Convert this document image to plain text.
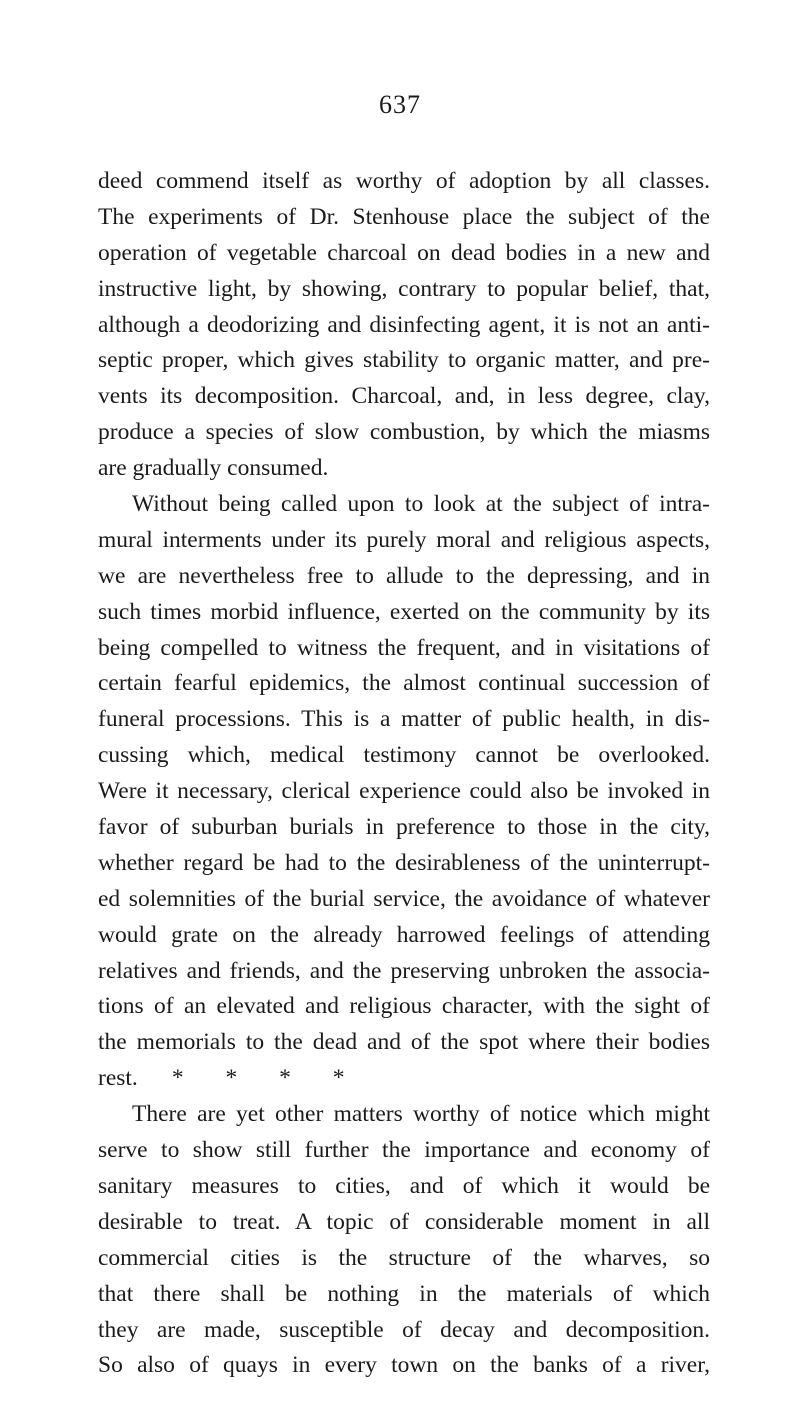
637
deed commend itself as worthy of adoption by all classes.
The experiments of Dr. Stenhouse place the subject of the
operation of vegetable charcoal on dead bodies in a new and
instructive light, by showing, contrary to popular belief, that,
although a deodorizing and disinfecting agent, it is not an anti-
septic proper, which gives stability to organic matter, and pre-
vents its decomposition. Charcoal, and, in less degree, clay,
produce a species of slow combustion, by which the miasms
are gradually consumed.
Without being called upon to look at the subject of intra-
mural interments under its purely moral and religious aspects,
we are nevertheless free to allude to the depressing, and in
such times morbid influence, exerted on the community by its
being compelled to witness the frequent, and in visitations of
certain fearful epidemics, the almost continual succession of
funeral processions. This is a matter of public health, in dis-
cussing which, medical testimony cannot be overlooked.
Were it necessary, clerical experience could also be invoked in
favor of suburban burials in preference to those in the city,
whether regard be had to the desirableness of the uninterrupt-
ed solemnities of the burial service, the avoidance of whatever
would grate on the already harrowed feelings of attending
relatives and friends, and the preserving unbroken the associa-
tions of an elevated and religious character, with the sight of
the memorials to the dead and of the spot where their bodies
rest. * * * *
There are yet other matters worthy of notice which might
serve to show still further the importance and economy of
sanitary measures to cities, and of which it would be
desirable to treat. A topic of considerable moment in all
commercial cities is the structure of the wharves, so
that there shall be nothing in the materials of which
they are made, susceptible of decay and decomposition.
So also of quays in every town on the banks of a river,
